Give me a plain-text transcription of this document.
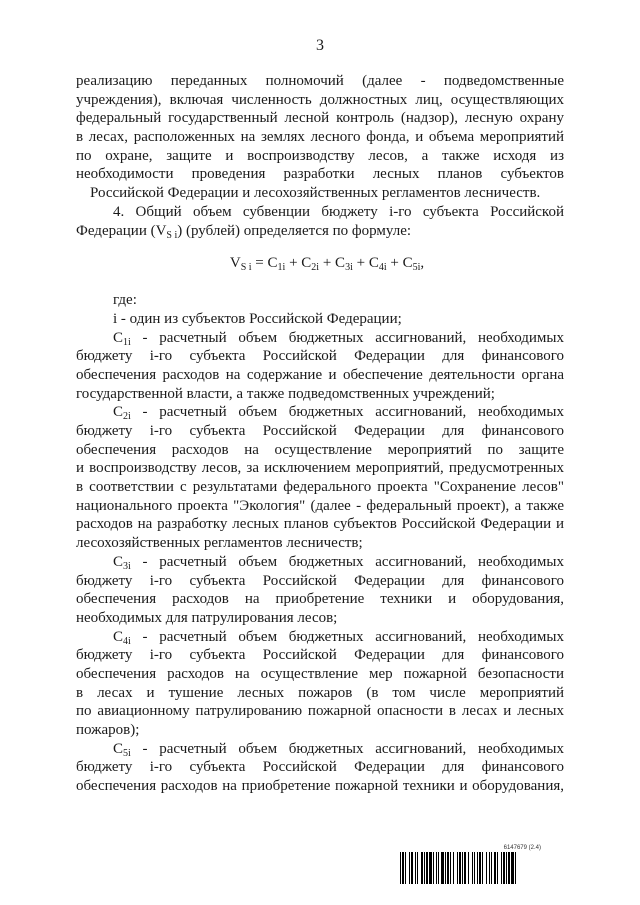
3
реализацию переданных полномочий (далее - подведомственные
учреждения), включая численность должностных лиц, осуществляющих
федеральный государственный лесной контроль (надзор), лесную охрану
в лесах, расположенных на землях лесного фонда, и объема мероприятий
по охране, защите и воспроизводству лесов, а также исходя из
необходимости проведения разработки лесных планов субъектов
Российской Федерации и лесохозяйственных регламентов лесничеств.
4. Общий объем субвенции бюджету i-го субъекта Российской
Федерации $(V_{S i})$ (рублей) определяется по формуле:
$V_{S i} = C_{1i} + C_{2i} + C_{3i} + C_{4i} + C_{5i}$,
где:
i - один из субъектов Российской Федерации;
$C_{1i}$ - расчетный объем бюджетных ассигнований, необходимых
бюджету i-го субъекта Российской Федерации для финансового
обеспечения расходов на содержание и обеспечение деятельности органа
государственной власти, а также подведомственных учреждений;
$C_{2i}$ - расчетный объем бюджетных ассигнований, необходимых
бюджету i-го субъекта Российской Федерации для финансового
обеспечения расходов на осуществление мероприятий по защите
и воспроизводству лесов, за исключением мероприятий, предусмотренных
в соответствии с результатами федерального проекта "Сохранение лесов"
национального проекта "Экология" (далее - федеральный проект), а также
расходов на разработку лесных планов субъектов Российской Федерации и
лесохозяйственных регламентов лесничеств;
$C_{3i}$ - расчетный объем бюджетных ассигнований, необходимых
бюджету i-го субъекта Российской Федерации для финансового
обеспечения расходов на приобретение техники и оборудования,
необходимых для патрулирования лесов;
$C_{4i}$ - расчетный объем бюджетных ассигнований, необходимых
бюджету i-го субъекта Российской Федерации для финансового
обеспечения расходов на осуществление мер пожарной безопасности
в лесах и тушение лесных пожаров (в том числе мероприятий
по авиационному патрулированию пожарной опасности в лесах и лесных
пожаров);
$C_{5i}$ - расчетный объем бюджетных ассигнований, необходимых
бюджету i-го субъекта Российской Федерации для финансового
обеспечения расходов на приобретение пожарной техники и оборудования,
6147679 (2.4)
